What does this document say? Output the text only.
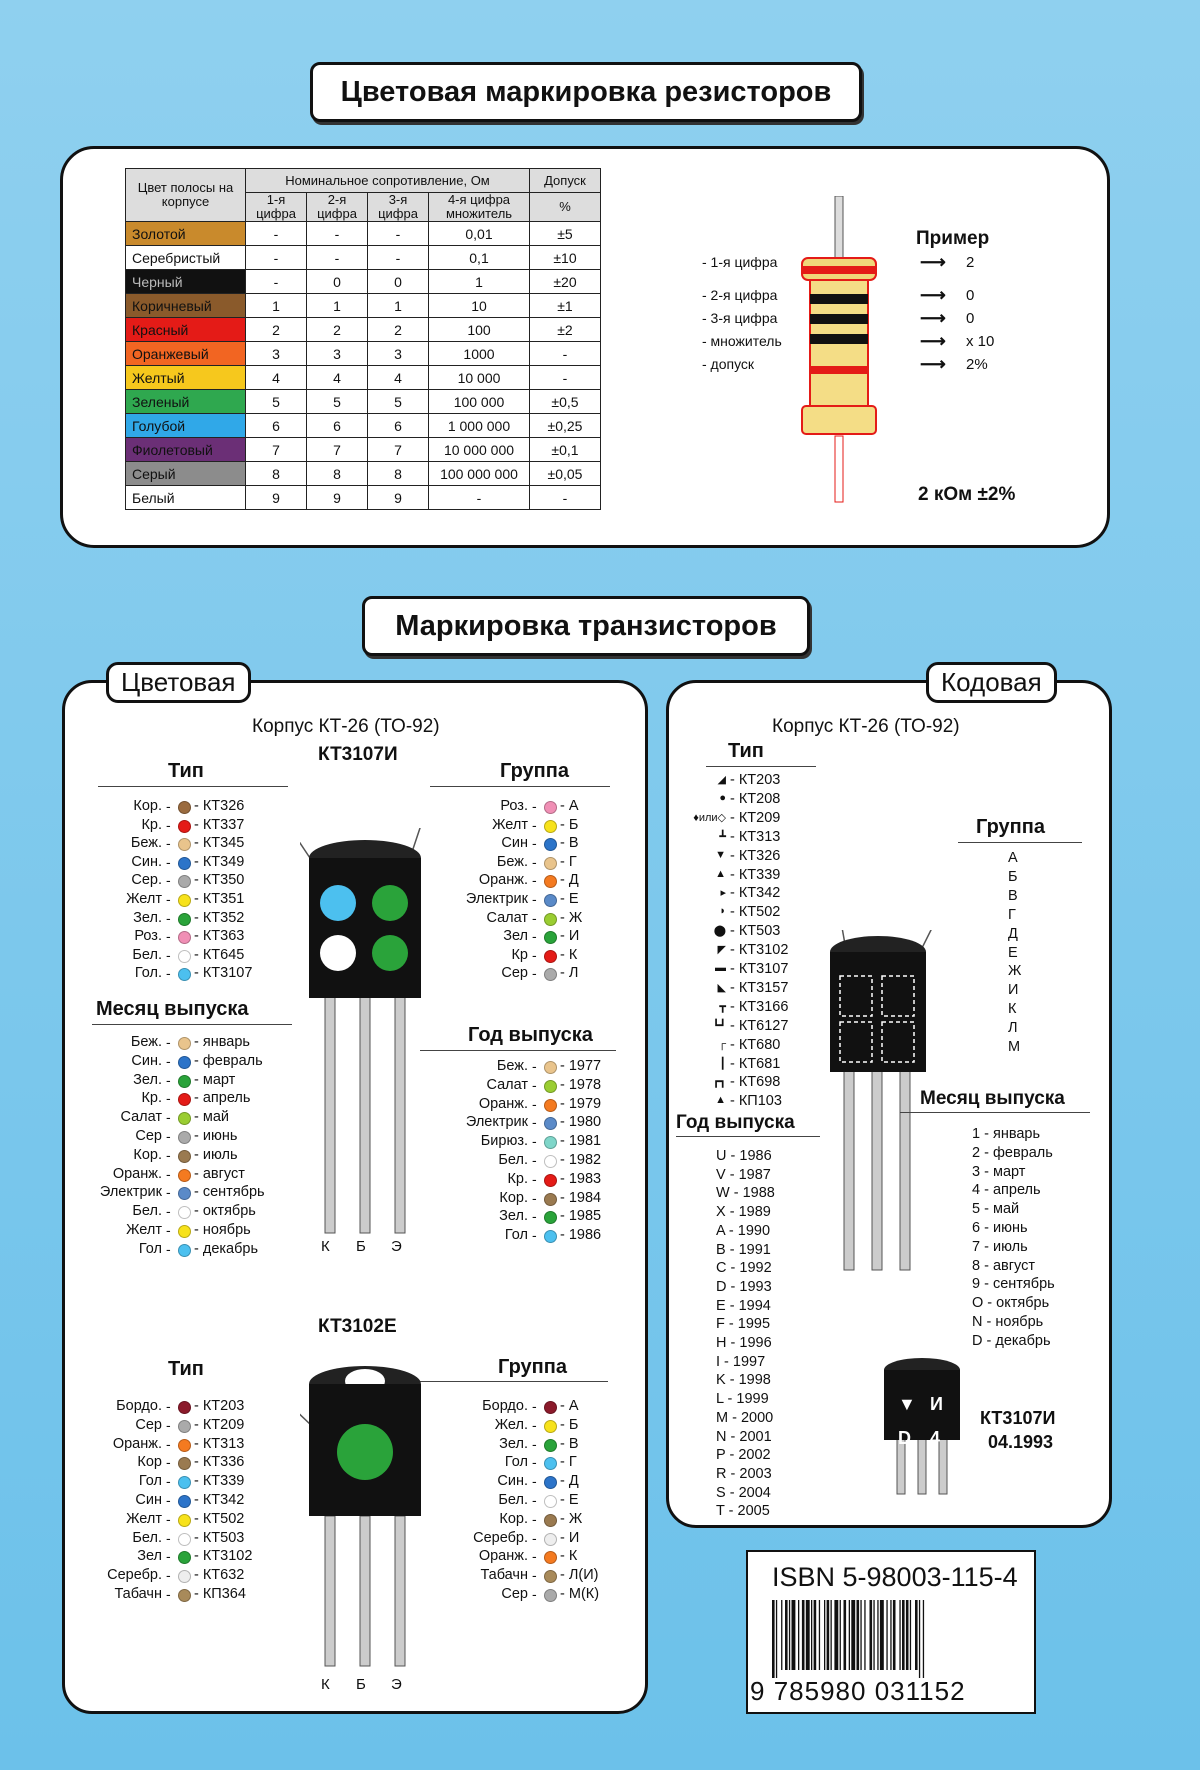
Цветовая маркировка резисторов
Цвет полосы на корпусе	Номинальное сопротивление, Ом				Допуск
	1-я цифра	2-я цифра	3-я цифра	4-я цифра множитель	%
Золотой	-	-	-	0,01	±5
Серебристый	-	-	-	0,1	±10
Черный	-	0	0	1	±20
Коричневый	1	1	1	10	±1
Красный	2	2	2	100	±2
Оранжевый	3	3	3	1000	-
Желтый	4	4	4	10 000	-
Зеленый	5	5	5	100 000	±0,5
Голубой	6	6	6	1 000 000	±0,25
Фиолетовый	7	7	7	10 000 000	±0,1
Серый	8	8	8	100 000 000	±0,05
Белый	9	9	9	-	-
Пример
- 1-я цифра	⟶ 2
- 2-я цифра	⟶ 0
- 3-я цифра	⟶ 0
- множитель	⟶ x 10
- допуск	⟶ 2%
2 кОм ±2%
Маркировка транзисторов
Цветовая
Корпус КТ-26 (ТО-92)
КТ3107И
Тип	Группа
Кор. - - КТ326
Кр. - - КТ337
Беж. - - КТ345
Син. - - КТ349
Сер. - - КТ350
Желт - - КТ351
Зел. - - КТ352
Роз. - - КТ363
Бел. - - КТ645
Гол. - - КТ3107
Роз. - - А
Желт - - Б
Син - - В
Беж. - - Г
Оранж. - - Д
Электрик - - Е
Салат - - Ж
Зел - - И
Кр - - К
Сер - - Л
Месяц выпуска
Год выпуска
Беж. - - январь
Син. - - февраль
Зел. - - март
Кр. - - апрель
Салат - - май
Сер - - июнь
Кор. - - июль
Оранж. - - август
Электрик - - сентябрь
Бел. - - октябрь
Желт - - ноябрь
Гол - - декабрь
Беж. - - 1977
Салат - - 1978
Оранж. - - 1979
Электрик - - 1980
Бирюз. - - 1981
Бел. - - 1982
Кр. - - 1983
Кор. - - 1984
Зел. - - 1985
Гол - - 1986
К Б Э
КТ3102Е
Тип	Группа
Бордо. - - КТ203
Сер - - КТ209
Оранж. - - КТ313
Кор - - КТ336
Гол - - КТ339
Син - - КТ342
Желт - - КТ502
Бел. - - КТ503
Зел - - КТ3102
Серебр. - - КТ632
Табачн - - КП364
Бордо. - - А
Жел. - - Б
Зел. - - В
Гол - - Г
Син. - - Д
Бел. - - Е
Кор. - - Ж
Серебр. - - И
Оранж. - - К
Табачн - - Л(И)
Сер - - М(К)
К Б Э
Кодовая
Корпус КТ-26 (ТО-92)
Тип
Группа
◢ - КТ203
● - КТ208
♦или◇ - КТ209
┻ - КТ313
▼ - КТ326
▲ - КТ339
▸ - КТ342
◗ - КТ502
⬤ - КТ503
◤ - КТ3102
▬ - КТ3107
◣ - КТ3157
┳ - КТ3166
┗┛ - КТ6127
┌ - КТ680
┃ - КТ681
┏┓ - КТ698
▲ - КП103
А
Б
В
Г
Д
Е
Ж
И
К
Л
М
Год выпуска
Месяц выпуска
U - 1986
V - 1987
W - 1988
X - 1989
A - 1990
B - 1991
C - 1992
D - 1993
E - 1994
F - 1995
H - 1996
I - 1997
K - 1998
L - 1999
M - 2000
N - 2001
P - 2002
R - 2003
S - 2004
T - 2005
1 - январь
2 - февраль
3 - март
4 - апрель
5 - май
6 - июнь
7 - июль
8 - август
9 - сентябрь
O - октябрь
N - ноябрь
D - декабрь
▼ И
D 4
КТ3107И
04.1993
ISBN 5-98003-115-4
9 785980 031152
